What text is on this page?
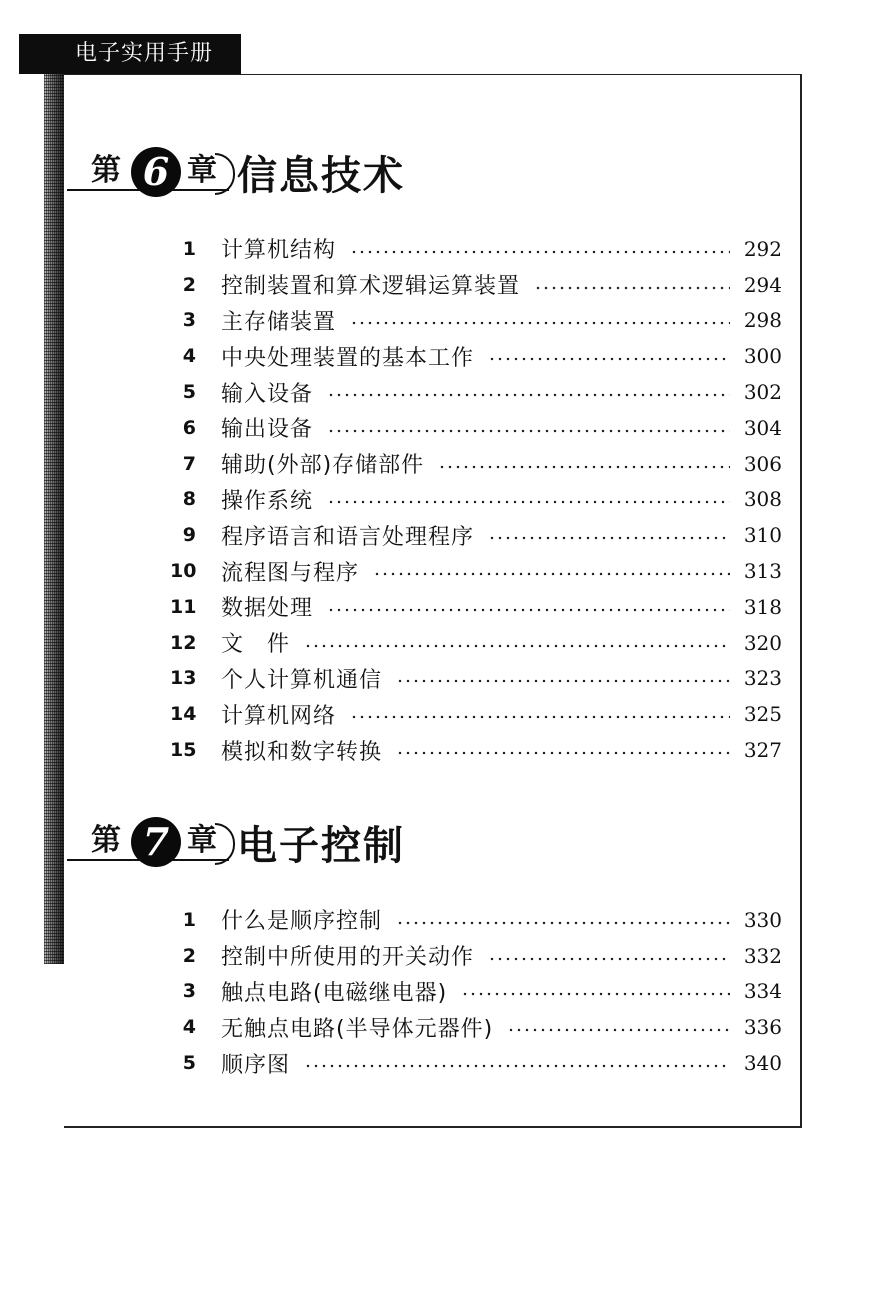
电子实用手册
第 6 章 信息技术
1 计算机结构	292
2 控制装置和算术逻辑运算装置	294
3 主存储装置	298
4 中央处理装置的基本工作	300
5 输入设备	302
6 输出设备	304
7 辅助(外部)存储部件	306
8 操作系统	308
9 程序语言和语言处理程序	310
10 流程图与程序	313
11 数据处理	318
12 文　件	320
13 个人计算机通信	323
14 计算机网络	325
15 模拟和数字转换	327
第 7 章 电子控制
1 什么是顺序控制	330
2 控制中所使用的开关动作	332
3 触点电路(电磁继电器)	334
4 无触点电路(半导体元器件)	336
5 顺序图	340
